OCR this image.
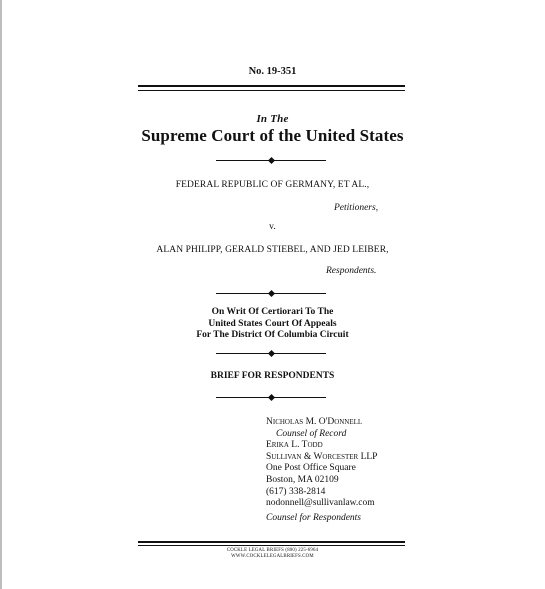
No. 19-351
In The
Supreme Court of the United States
FEDERAL REPUBLIC OF GERMANY, ET AL.,
Petitioners,
v.
ALAN PHILIPP, GERALD STIEBEL, AND JED LEIBER,
Respondents.
On Writ Of Certiorari To The
United States Court Of Appeals
For The District Of Columbia Circuit
BRIEF FOR RESPONDENTS
Nicholas M. O'Donnell
Counsel of Record
Erika L. Todd
Sullivan & Worcester LLP
One Post Office Square
Boston, MA 02109
(617) 338-2814
nodonnell@sullivanlaw.com
Counsel for Respondents
COCKLE LEGAL BRIEFS (800) 225-6964
WWW.COCKLELEGALBRIEFS.COM
